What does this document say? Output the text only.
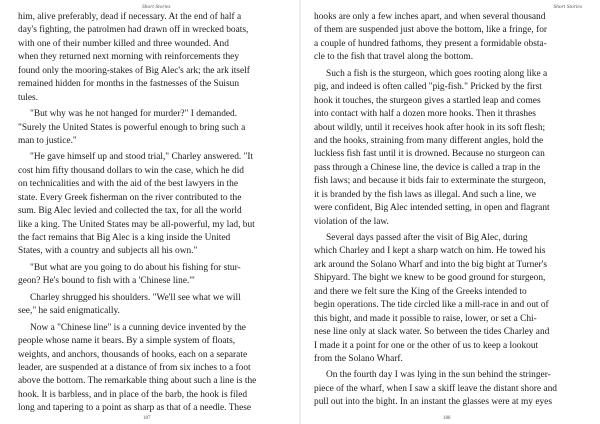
Short Stories
him, alive preferably, dead if necessary. At the end of half a
day's fighting, the patrolmen had drawn off in wrecked boats,
with one of their number killed and three wounded. And
when they returned next morning with reinforcements they
found only the mooring-stakes of Big Alec's ark; the ark itself
remained hidden for months in the fastnesses of the Suisun
tules.
"But why was he not hanged for murder?" I demanded.
"Surely the United States is powerful enough to bring such a
man to justice."
"He gave himself up and stood trial," Charley answered. "It
cost him fifty thousand dollars to win the case, which he did
on technicalities and with the aid of the best lawyers in the
state. Every Greek fisherman on the river contributed to the
sum. Big Alec levied and collected the tax, for all the world
like a king. The United States may be all-powerful, my lad, but
the fact remains that Big Alec is a king inside the United
States, with a country and subjects all his own."
"But what are you going to do about his fishing for stur-
geon? He's bound to fish with a 'Chinese line.'"
Charley shrugged his shoulders. "We'll see what we will
see," he said enigmatically.
Now a "Chinese line" is a cunning device invented by the
people whose name it bears. By a simple system of floats,
weights, and anchors, thousands of hooks, each on a separate
leader, are suspended at a distance of from six inches to a foot
above the bottom. The remarkable thing about such a line is the
hook. It is barbless, and in place of the barb, the hook is filed
long and tapering to a point as sharp as that of a needle. These
187
Short Stories
hooks are only a few inches apart, and when several thousand
of them are suspended just above the bottom, like a fringe, for
a couple of hundred fathoms, they present a formidable obsta-
cle to the fish that travel along the bottom.
Such a fish is the sturgeon, which goes rooting along like a
pig, and indeed is often called "pig-fish." Pricked by the first
hook it touches, the sturgeon gives a startled leap and comes
into contact with half a dozen more hooks. Then it thrashes
about wildly, until it receives hook after hook in its soft flesh;
and the hooks, straining from many different angles, hold the
luckless fish fast until it is drowned. Because no sturgeon can
pass through a Chinese line, the device is called a trap in the
fish laws; and because it bids fair to exterminate the sturgeon,
it is branded by the fish laws as illegal. And such a line, we
were confident, Big Alec intended setting, in open and flagrant
violation of the law.
Several days passed after the visit of Big Alec, during
which Charley and I kept a sharp watch on him. He towed his
ark around the Solano Wharf and into the big bight at Turner's
Shipyard. The bight we knew to be good ground for sturgeon,
and there we felt sure the King of the Greeks intended to
begin operations. The tide circled like a mill-race in and out of
this bight, and made it possible to raise, lower, or set a Chi-
nese line only at slack water. So between the tides Charley and
I made it a point for one or the other of us to keep a lookout
from the Solano Wharf.
On the fourth day I was lying in the sun behind the stringer-
piece of the wharf, when I saw a skiff leave the distant shore and
pull out into the bight. In an instant the glasses were at my eyes
188
